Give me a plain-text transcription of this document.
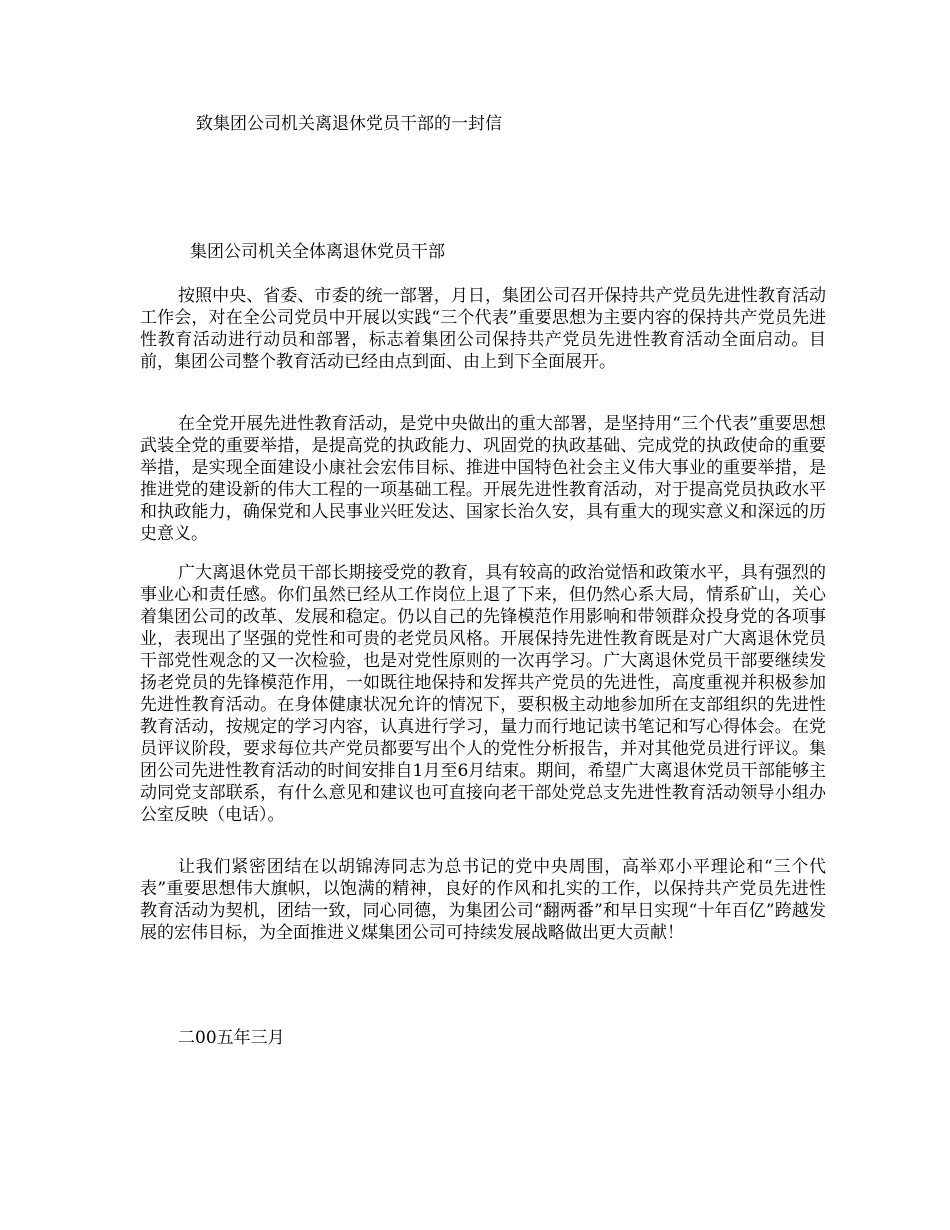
致集团公司机关离退休党员干部的一封信
集团公司机关全体离退休党员干部

按照中央、省委、市委的统一部署，月日，集团公司召开保持共产党员先进性教育活动工作会，对在全公司党员中开展以实践“三个代表”重要思想为主要内容的保持共产党员先进性教育活动进行动员和部署，标志着集团公司保持共产党员先进性教育活动全面启动。目前，集团公司整个教育活动已经由点到面、由上到下全面展开。

在全党开展先进性教育活动，是党中央做出的重大部署，是坚持用“三个代表”重要思想武装全党的重要举措，是提高党的执政能力、巩固党的执政基础、完成党的执政使命的重要举措，是实现全面建设小康社会宏伟目标、推进中国特色社会主义伟大事业的重要举措，是推进党的建设新的伟大工程的一项基础工程。开展先进性教育活动，对于提高党员执政水平和执政能力，确保党和人民事业兴旺发达、国家长治久安，具有重大的现实意义和深远的历史意义。

广大离退休党员干部长期接受党的教育，具有较高的政治觉悟和政策水平，具有强烈的事业心和责任感。你们虽然已经从工作岗位上退了下来，但仍然心系大局，情系矿山，关心着集团公司的改革、发展和稳定。仍以自己的先锋模范作用影响和带领群众投身党的各项事业，表现出了坚强的党性和可贵的老党员风格。开展保持先进性教育既是对广大离退休党员干部党性观念的又一次检验，也是对党性原则的一次再学习。广大离退休党员干部要继续发扬老党员的先锋模范作用，一如既往地保持和发挥共产党员的先进性，高度重视并积极参加先进性教育活动。在身体健康状况允许的情况下，要积极主动地参加所在支部组织的先进性教育活动，按规定的学习内容，认真进行学习，量力而行地记读书笔记和写心得体会。在党员评议阶段，要求每位共产党员都要写出个人的党性分析报告，并对其他党员进行评议。集团公司先进性教育活动的时间安排自1月至6月结束。期间，希望广大离退休党员干部能够主动同党支部联系，有什么意见和建议也可直接向老干部处党总支先进性教育活动领导小组办公室反映（电话）。

让我们紧密团结在以胡锦涛同志为总书记的党中央周围，高举邓小平理论和“三个代表”重要思想伟大旗帜，以饱满的精神，良好的作风和扎实的工作，以保持共产党员先进性教育活动为契机，团结一致，同心同德，为集团公司“翻两番”和早日实现“十年百亿”跨越发展的宏伟目标，为全面推进义煤集团公司可持续发展战略做出更大贡献！

二00五年三月
